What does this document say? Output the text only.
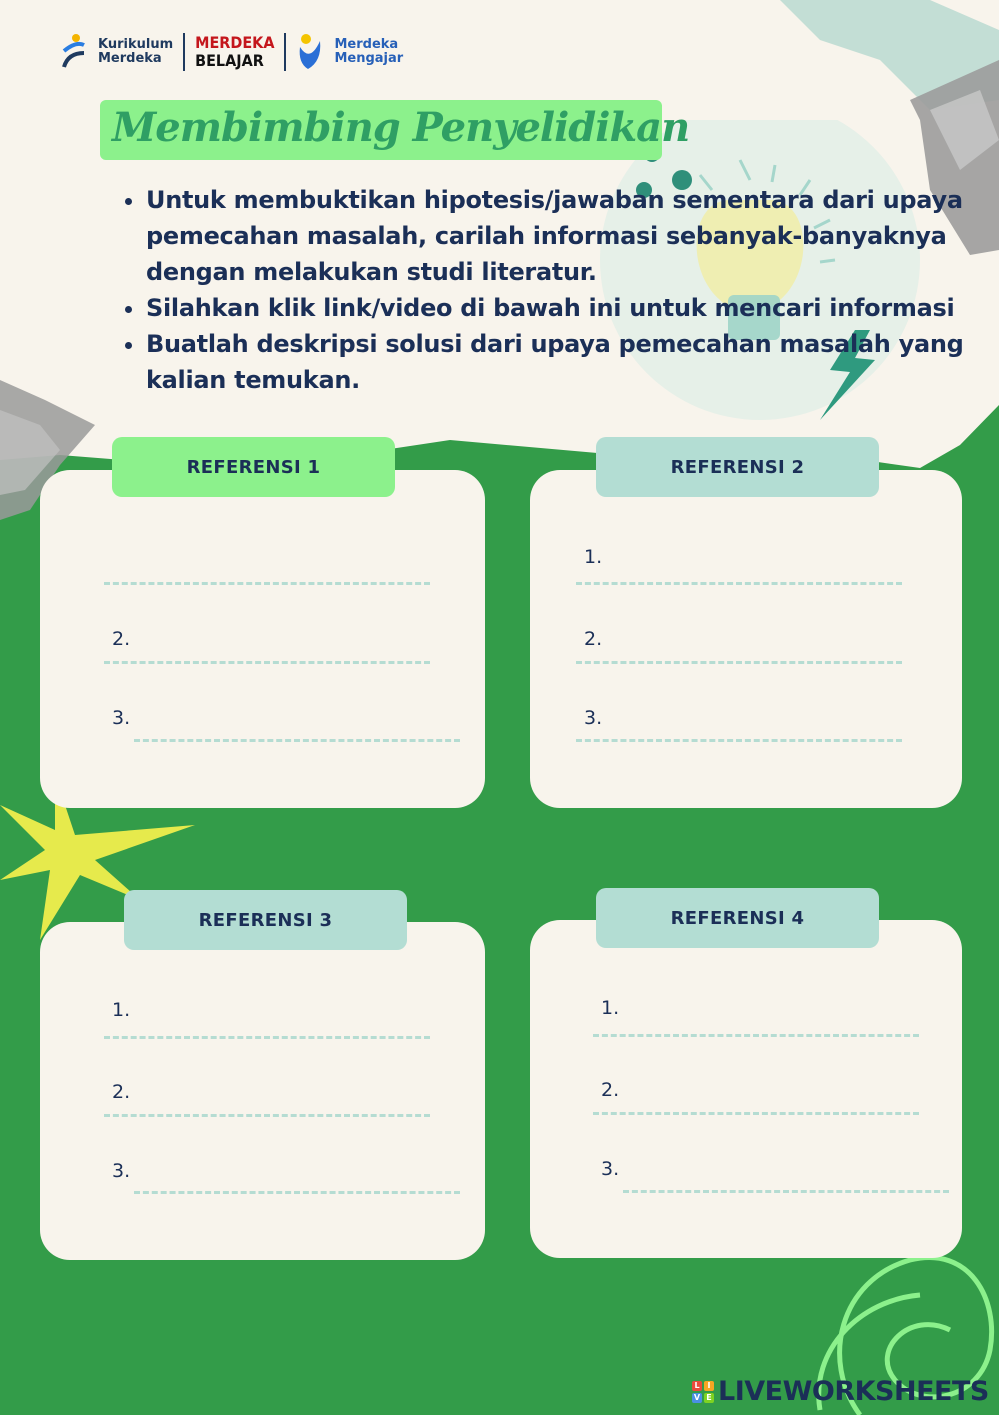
Kurikulum
Merdeka
MERDEKA
BELAJAR
Merdeka
Mengajar
Membimbing Penyelidikan
• Untuk membuktikan hipotesis/jawaban sementara dari upaya pemecahan masalah, carilah informasi sebanyak-banyaknya dengan melakukan studi literatur.
• Silahkan klik link/video di bawah ini untuk mencari informasi
• Buatlah deskripsi solusi dari upaya pemecahan masalah yang kalian temukan.
REFERENSI 1
2.
3.
REFERENSI 2
1.
2.
3.
REFERENSI 3
1.
2.
3.
REFERENSI 4
1.
2.
3.
L I
V E LIVEWORKSHEETS
